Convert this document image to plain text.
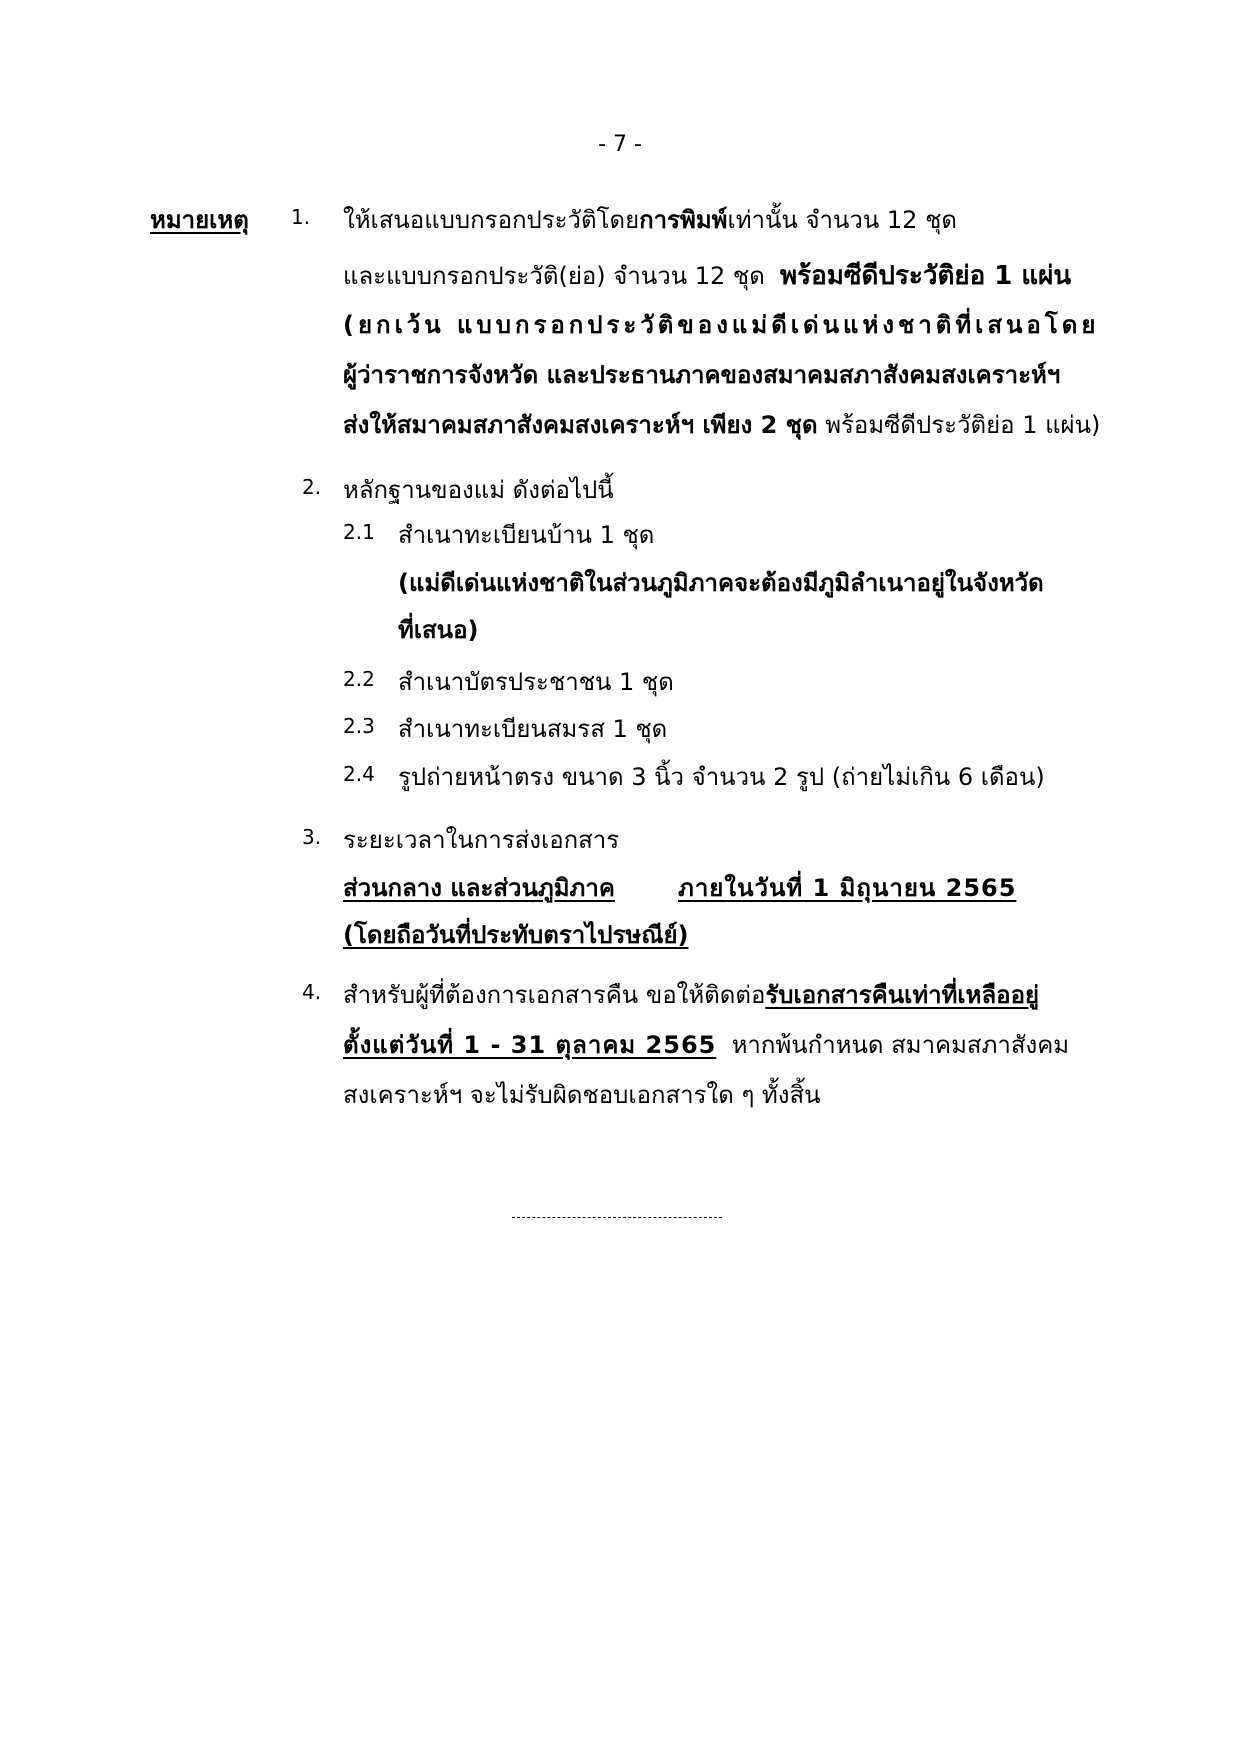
- 7 -
หมายเหตุ 1. ให้เสนอแบบกรอกประวัติโดยการพิมพ์เท่านั้น จำนวน 12 ชุด
และแบบกรอกประวัติ(ย่อ) จำนวน 12 ชุด พร้อมซีดีประวัติย่อ 1 แผ่น
(ยกเว้น แบบกรอกประวัติของแม่ดีเด่นแห่งชาติที่เสนอโดย
ผู้ว่าราชการจังหวัด และประธานภาคของสมาคมสภาสังคมสงเคราะห์ฯ
ส่งให้สมาคมสภาสังคมสงเคราะห์ฯ เพียง 2 ชุด พร้อมซีดีประวัติย่อ 1 แผ่น)
2. หลักฐานของแม่ ดังต่อไปนี้
2.1 สำเนาทะเบียนบ้าน 1 ชุด
(แม่ดีเด่นแห่งชาติในส่วนภูมิภาคจะต้องมีภูมิลำเนาอยู่ในจังหวัด
ที่เสนอ)
2.2 สำเนาบัตรประชาชน 1 ชุด
2.3 สำเนาทะเบียนสมรส 1 ชุด
2.4 รูปถ่ายหน้าตรง ขนาด 3 นิ้ว จำนวน 2 รูป (ถ่ายไม่เกิน 6 เดือน)
3. ระยะเวลาในการส่งเอกสาร
ส่วนกลาง และส่วนภูมิภาค	ภายในวันที่ 1 มิถุนายน 2565
(โดยถือวันที่ประทับตราไปรษณีย์)
4. สำหรับผู้ที่ต้องการเอกสารคืน ขอให้ติดต่อรับเอกสารคืนเท่าที่เหลืออยู่
ตั้งแต่วันที่ 1 - 31 ตุลาคม 2565 หากพ้นกำหนด สมาคมสภาสังคม
สงเคราะห์ฯ จะไม่รับผิดชอบเอกสารใด ๆ ทั้งสิ้น
